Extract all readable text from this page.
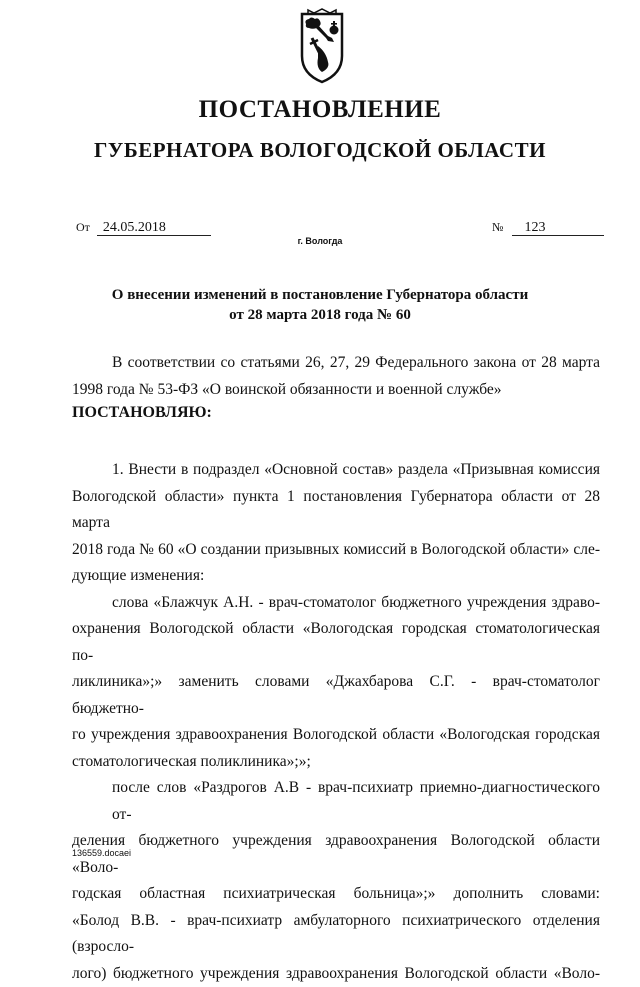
ПОСТАНОВЛЕНИЕ
ГУБЕРНАТОРА ВОЛОГОДСКОЙ ОБЛАСТИ
От 24.05.2018	№ 123
г. Вологда
О внесении изменений в постановление Губернатора области
от 28 марта 2018 года № 60
В соответствии со статьями 26, 27, 29 Федерального закона от 28 марта
1998 года № 53-ФЗ «О воинской обязанности и военной службе»
ПОСТАНОВЛЯЮ:
1. Внести в подраздел «Основной состав» раздела «Призывная комиссия
Вологодской области» пункта 1 постановления Губернатора области от 28 марта
2018 года № 60 «О создании призывных комиссий в Вологодской области» сле-
дующие изменения:
слова «Блажчук А.Н. - врач-стоматолог бюджетного учреждения здраво-
охранения Вологодской области «Вологодская городская стоматологическая по-
ликлиника»;» заменить словами «Джахбарова С.Г. - врач-стоматолог бюджетно-
го учреждения здравоохранения Вологодской области «Вологодская городская
стоматологическая поликлиника»;»;
после слов «Раздрогов А.В - врач-психиатр приемно-диагностического от-
деления бюджетного учреждения здравоохранения Вологодской области «Воло-
годская областная психиатрическая больница»;» дополнить словами:
«Болод В.В. - врач-психиатр амбулаторного психиатрического отделения (взросло-
лого) бюджетного учреждения здравоохранения Вологодской области «Воло-
136559.docaei
